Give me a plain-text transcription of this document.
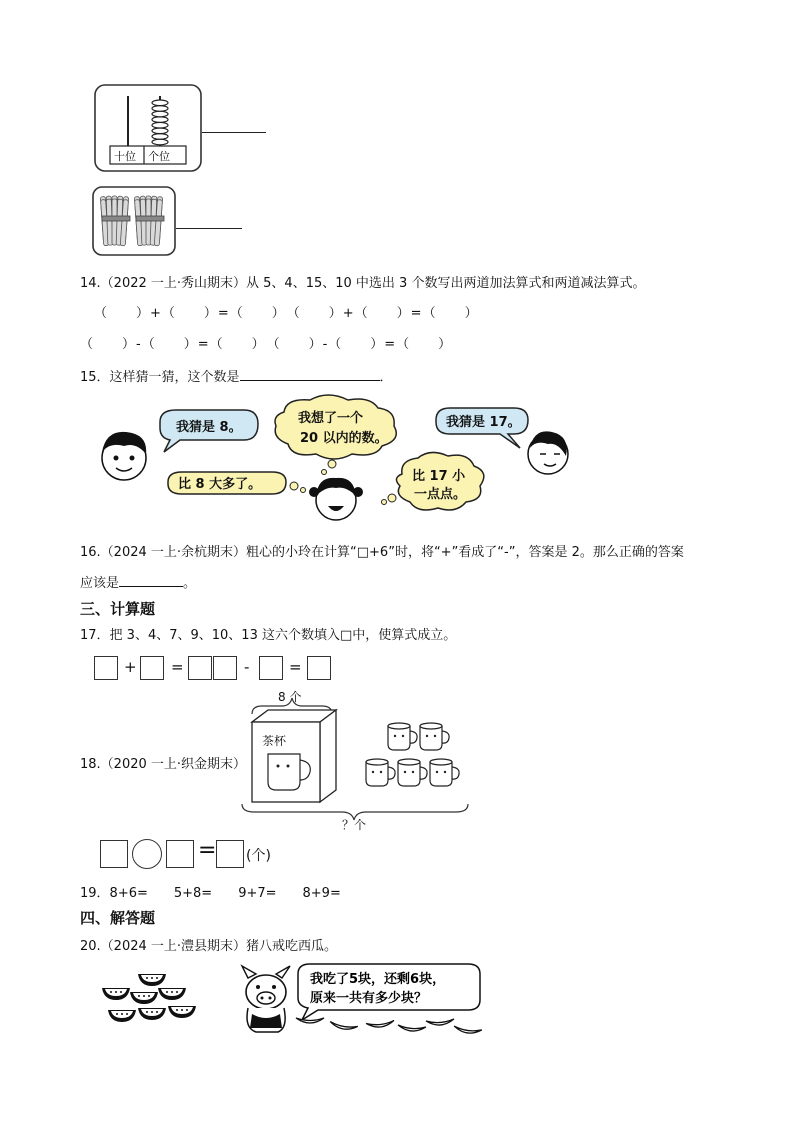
十位 个位
14.（2022 一上·秀山期末）从 5、4、15、10 中选出 3 个数写出两道加法算式和两道减法算式。
（　　）+（　　）=（　　）　（　　）+（　　）=（　　）
（　　）-（　　）=（　　）　（　　）-（　　）=（　　）
15．这样猜一猜，这个数是	．
我猜是 8。
我想了一个
20 以内的数。
我猜是 17。
比 8 大多了。
比 17 小
一点点。
16.（2024 一上·余杭期末）粗心的小玲在计算“□+6”时，将“+”看成了“-”，答案是 2。那么正确的答案
应该是	。
三、计算题
17．把 3、4、7、9、10、13 这六个数填入□中，使算式成立。
+ =	-	=
18.（2020 一上·织金期末）
8 个
茶杯
？个
= (个)
19．8+6=　　5+8=　　9+7=　　8+9=
四、解答题
20.（2024 一上·澧县期末）猪八戒吃西瓜。
我吃了5块，还剩6块，
原来一共有多少块？
